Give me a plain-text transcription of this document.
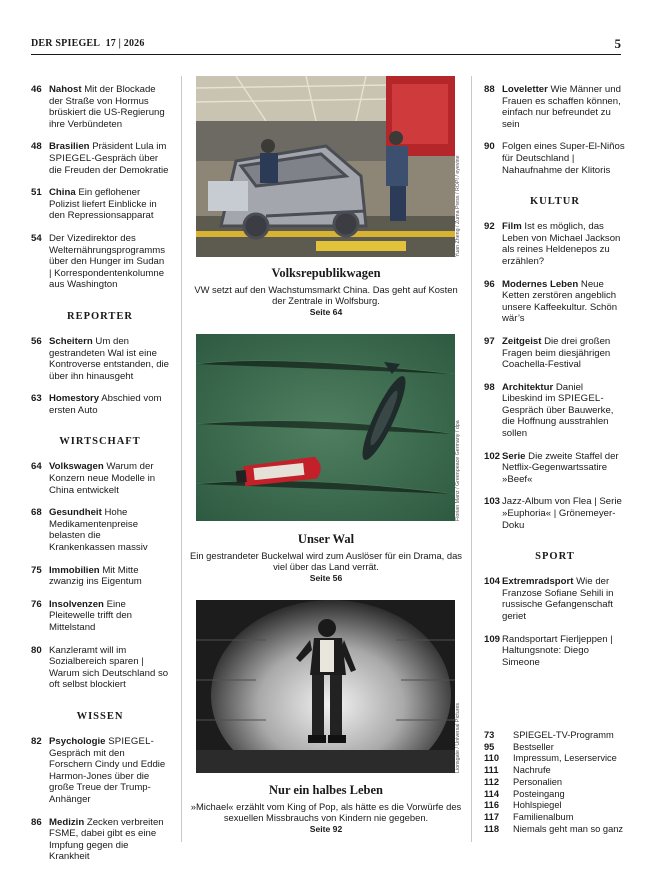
DER SPIEGEL 17 | 2026	5
46 Nahost Mit der Blockade der Straße von Hormus brüskiert die US-Regierung ihre Verbündeten
48 Brasilien Präsident Lula im SPIEGEL-Gespräch über die Freuden der Demokratie
51 China Ein geflohener Polizist liefert Einblicke in den Repressionsapparat
54 Der Vizedirektor des Welternährungsprogramms über den Hunger im Sudan | Korrespondentenkolumne aus Washington
REPORTER
56 Scheitern Um den gestrandeten Wal ist eine Kontroverse entstanden, die über ihn hinausgeht
63 Homestory Abschied vom ersten Auto
WIRTSCHAFT
64 Volkswagen Warum der Konzern neue Modelle in China entwickelt
68 Gesundheit Hohe Medikamentenpreise belasten die Krankenkassen massiv
75 Immobilien Mit Mitte zwanzig ins Eigentum
76 Insolvenzen Eine Pleitewelle trifft den Mittelstand
80 Kanzleramt will im Sozialbereich sparen | Warum sich Deutschland so oft selbst blockiert
WISSEN
82 Psychologie SPIEGEL-Gespräch mit den Forschern Cindy und Eddie Harmon-Jones über die große Treue der Trump-Anhänger
86 Medizin Zecken verbreiten FSME, dabei gibt es eine Impfung gegen die Krankheit
Yuan Zheng / Zuma Press / ROPI / eyevine
Volksrepublikwagen
VW setzt auf den Wachstumsmarkt China. Das geht auf Kosten der Zentrale in Wolfsburg.
Seite 64
Florian Manz / Greenpeace Germany / dpa
Unser Wal
Ein gestrandeter Buckelwal wird zum Auslöser für ein Drama, das viel über das Land verrät.
Seite 56
Lionsgate / Universal Pictures
Nur ein halbes Leben
»Michael« erzählt vom King of Pop, als hätte es die Vorwürfe des sexuellen Missbrauchs von Kindern nie gegeben.
Seite 92
88 Loveletter Wie Männer und Frauen es schaffen können, einfach nur befreundet zu sein
90 Folgen eines Super-El-Niños für Deutschland | Nahaufnahme der Klitoris
KULTUR
92 Film Ist es möglich, das Leben von Michael Jackson als reines Heldenepos zu erzählen?
96 Modernes Leben Neue Ketten zerstören angeblich unsere Kaffeekultur. Schön wär’s
97 Zeitgeist Die drei großen Fragen beim diesjährigen Coachella-Festival
98 Architektur Daniel Libeskind im SPIEGEL-Gespräch über Bauwerke, die Hoffnung ausstrahlen sollen
102 Serie Die zweite Staffel der Netflix-Gegenwartssatire »Beef«
103 Jazz-Album von Flea | Serie »Euphoria« | Grönemeyer-Doku
SPORT
104 Extremradsport Wie der Franzose Sofiane Sehili in russische Gefangenschaft geriet
109 Randsportart Fierljeppen | Haltungsnote: Diego Simeone
73 SPIEGEL-TV-Programm
95 Bestseller
110 Impressum, Leserservice
111 Nachrufe
112 Personalien
114 Posteingang
116 Hohlspiegel
117 Familienalbum
118 Niemals geht man so ganz
